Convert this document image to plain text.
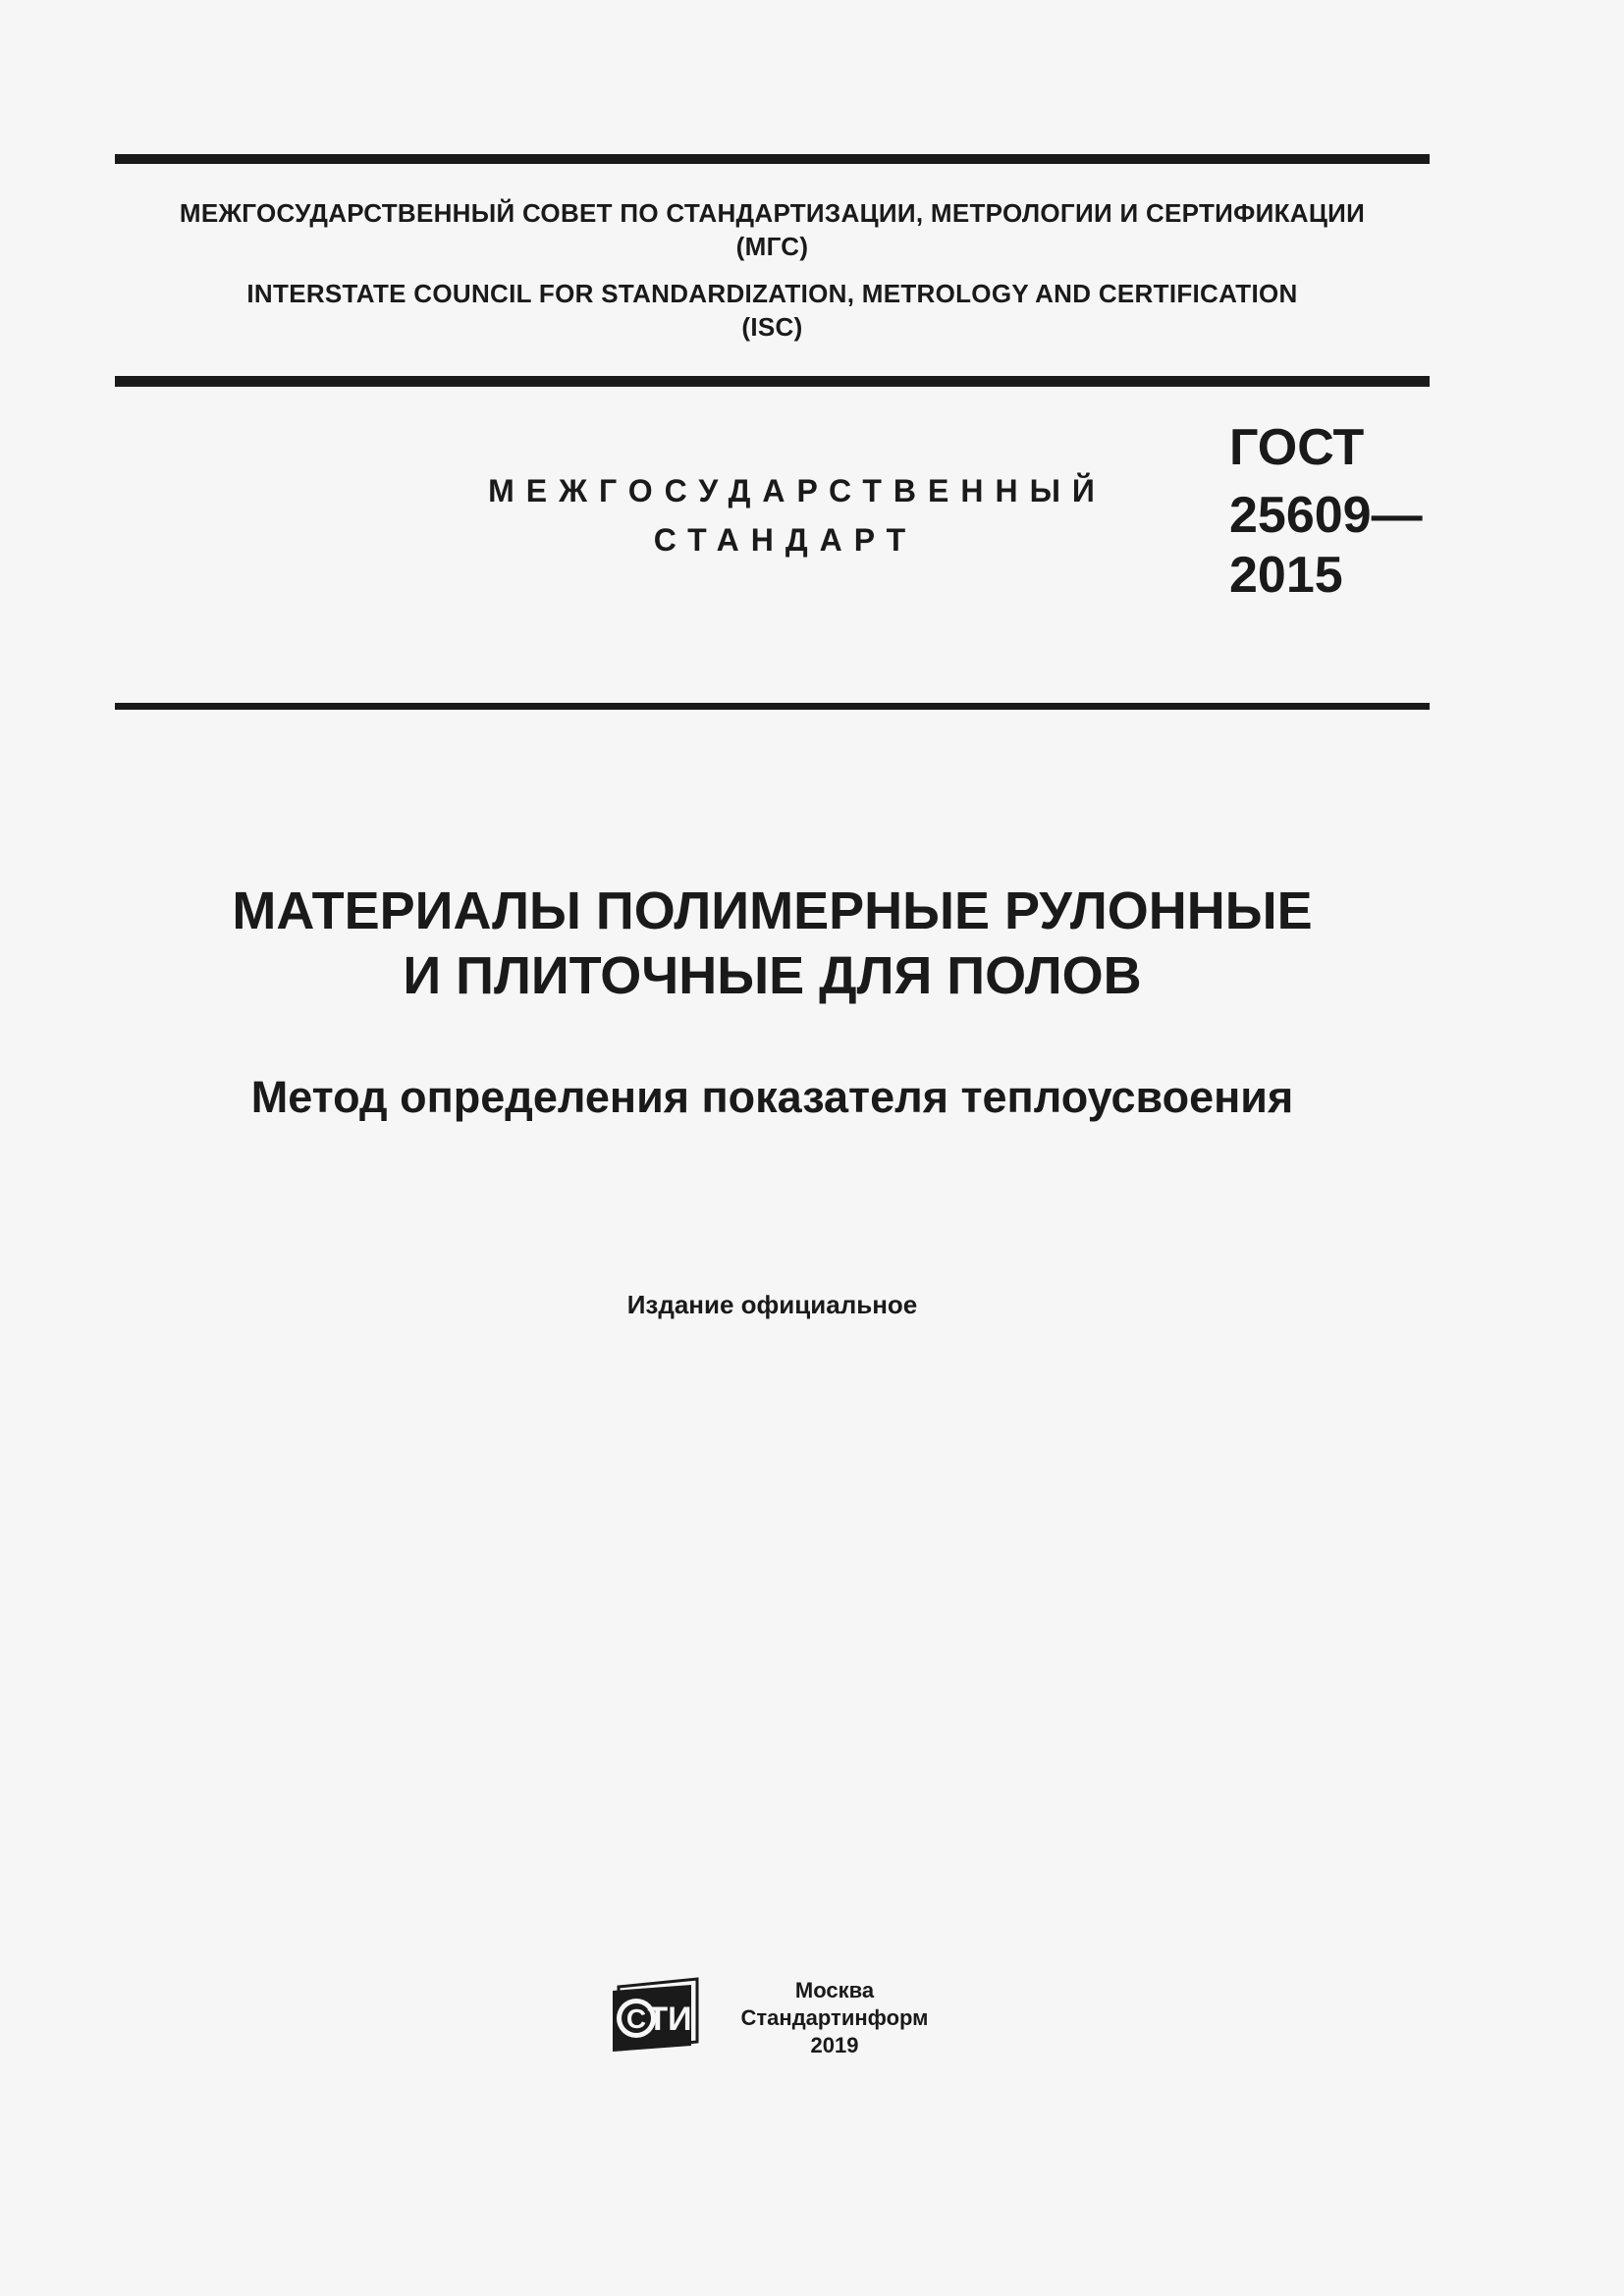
МЕЖГОСУДАРСТВЕННЫЙ СОВЕТ ПО СТАНДАРТИЗАЦИИ, МЕТРОЛОГИИ И СЕРТИФИКАЦИИ
(МГС)
INTERSTATE COUNCIL FOR STANDARDIZATION, METROLOGY AND CERTIFICATION
(ISC)
МЕЖГОСУДАРСТВЕННЫЙ
СТАНДАРТ
ГОСТ
25609—
2015
МАТЕРИАЛЫ ПОЛИМЕРНЫЕ РУЛОННЫЕ
И ПЛИТОЧНЫЕ ДЛЯ ПОЛОВ
Метод определения показателя теплоусвоения
Издание официальное
С ТИ
Москва
Стандартинформ
2019
